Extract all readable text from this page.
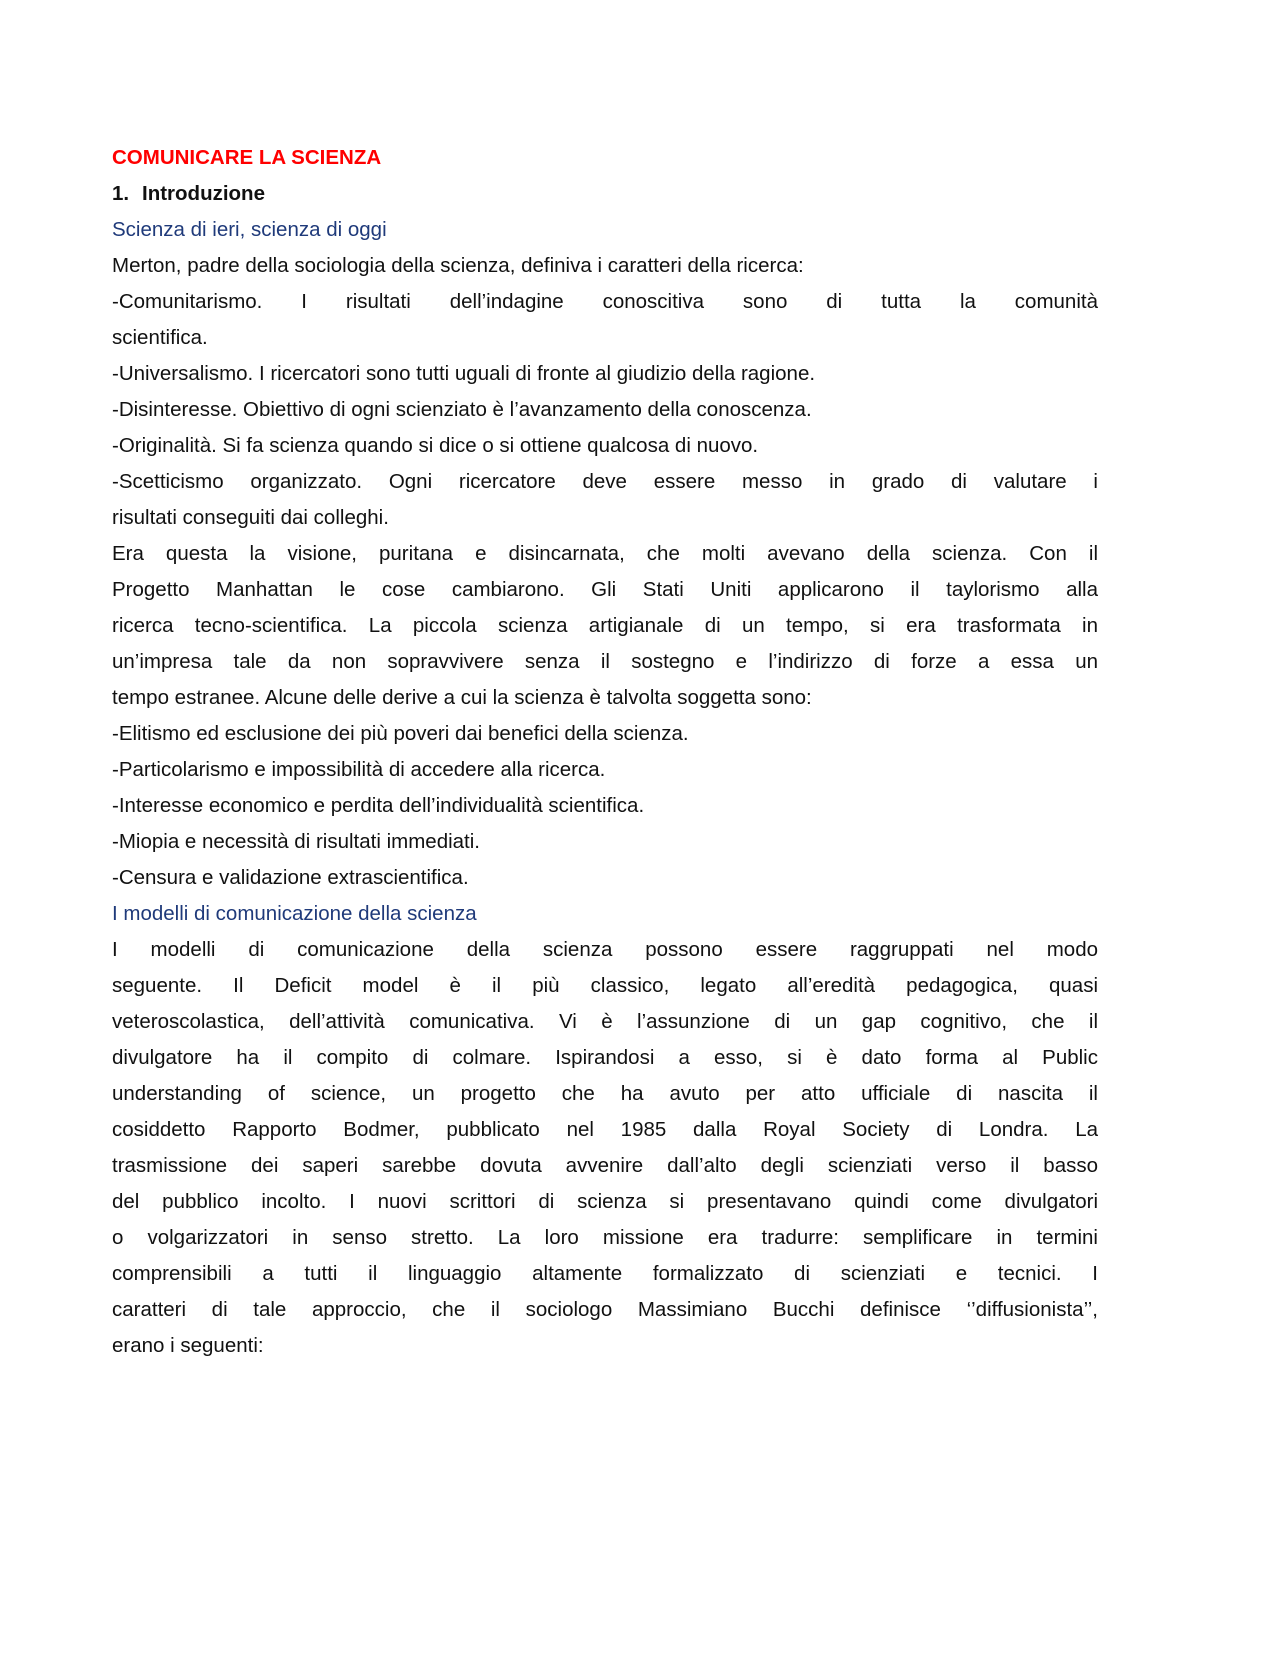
COMUNICARE LA SCIENZA
1. Introduzione
Scienza di ieri, scienza di oggi
Merton, padre della sociologia della scienza, definiva i caratteri della ricerca:
-Comunitarismo. I risultati dell’indagine conoscitiva sono di tutta la comunità
scientifica.
-Universalismo. I ricercatori sono tutti uguali di fronte al giudizio della ragione.
-Disinteresse. Obiettivo di ogni scienziato è l’avanzamento della conoscenza.
-Originalità. Si fa scienza quando si dice o si ottiene qualcosa di nuovo.
-Scetticismo organizzato. Ogni ricercatore deve essere messo in grado di valutare i
risultati conseguiti dai colleghi.
Era questa la visione, puritana e disincarnata, che molti avevano della scienza. Con il
Progetto Manhattan le cose cambiarono. Gli Stati Uniti applicarono il taylorismo alla
ricerca tecno-scientifica. La piccola scienza artigianale di un tempo, si era trasformata in
un’impresa tale da non sopravvivere senza il sostegno e l’indirizzo di forze a essa un
tempo estranee. Alcune delle derive a cui la scienza è talvolta soggetta sono:
-Elitismo ed esclusione dei più poveri dai benefici della scienza.
-Particolarismo e impossibilità di accedere alla ricerca.
-Interesse economico e perdita dell’individualità scientifica.
-Miopia e necessità di risultati immediati.
-Censura e validazione extrascientifica.
I modelli di comunicazione della scienza
I modelli di comunicazione della scienza possono essere raggruppati nel modo
seguente. Il Deficit model è il più classico, legato all’eredità pedagogica, quasi
veteroscolastica, dell’attività comunicativa. Vi è l’assunzione di un gap cognitivo, che il
divulgatore ha il compito di colmare. Ispirandosi a esso, si è dato forma al Public
understanding of science, un progetto che ha avuto per atto ufficiale di nascita il
cosiddetto Rapporto Bodmer, pubblicato nel 1985 dalla Royal Society di Londra. La
trasmissione dei saperi sarebbe dovuta avvenire dall’alto degli scienziati verso il basso
del pubblico incolto. I nuovi scrittori di scienza si presentavano quindi come divulgatori
o volgarizzatori in senso stretto. La loro missione era tradurre: semplificare in termini
comprensibili a tutti il linguaggio altamente formalizzato di scienziati e tecnici. I
caratteri di tale approccio, che il sociologo Massimiano Bucchi definisce ‘’diffusionista’’,
erano i seguenti:
